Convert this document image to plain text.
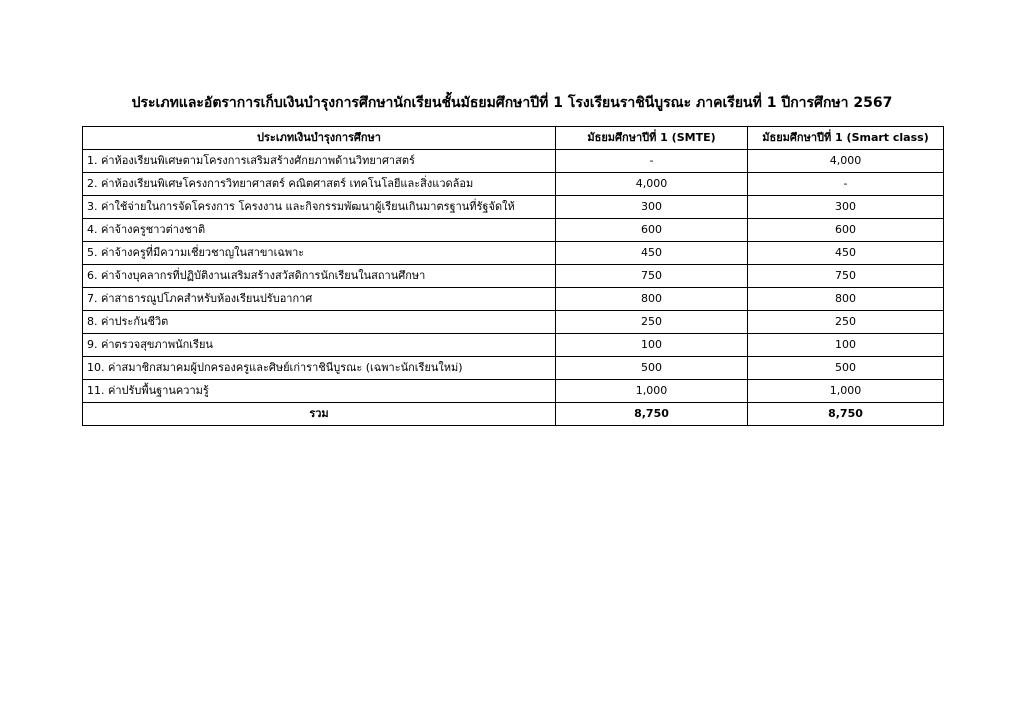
ประเภทและอัตราการเก็บเงินบำรุงการศึกษานักเรียนชั้นมัธยมศึกษาปีที่ 1 โรงเรียนราชินีบูรณะ ภาคเรียนที่ 1 ปีการศึกษา 2567
ประเภทเงินบำรุงการศึกษา	มัธยมศึกษาปีที่ 1 (SMTE)	มัธยมศึกษาปีที่ 1 (Smart class)
1. ค่าห้องเรียนพิเศษตามโครงการเสริมสร้างศักยภาพด้านวิทยาศาสตร์	-	4,000
2. ค่าห้องเรียนพิเศษโครงการวิทยาศาสตร์ คณิตศาสตร์ เทคโนโลยีและสิ่งแวดล้อม	4,000	-
3. ค่าใช้จ่ายในการจัดโครงการ โครงงาน และกิจกรรมพัฒนาผู้เรียนเกินมาตรฐานที่รัฐจัดให้	300	300
4. ค่าจ้างครูชาวต่างชาติ	600	600
5. ค่าจ้างครูที่มีความเชี่ยวชาญในสาขาเฉพาะ	450	450
6. ค่าจ้างบุคลากรที่ปฏิบัติงานเสริมสร้างสวัสดิการนักเรียนในสถานศึกษา	750	750
7. ค่าสาธารณูปโภคสำหรับห้องเรียนปรับอากาศ	800	800
8. ค่าประกันชีวิต	250	250
9. ค่าตรวจสุขภาพนักเรียน	100	100
10. ค่าสมาชิกสมาคมผู้ปกครองครูและศิษย์เก่าราชินีบูรณะ (เฉพาะนักเรียนใหม่)	500	500
11. ค่าปรับพื้นฐานความรู้	1,000	1,000
รวม	8,750	8,750
